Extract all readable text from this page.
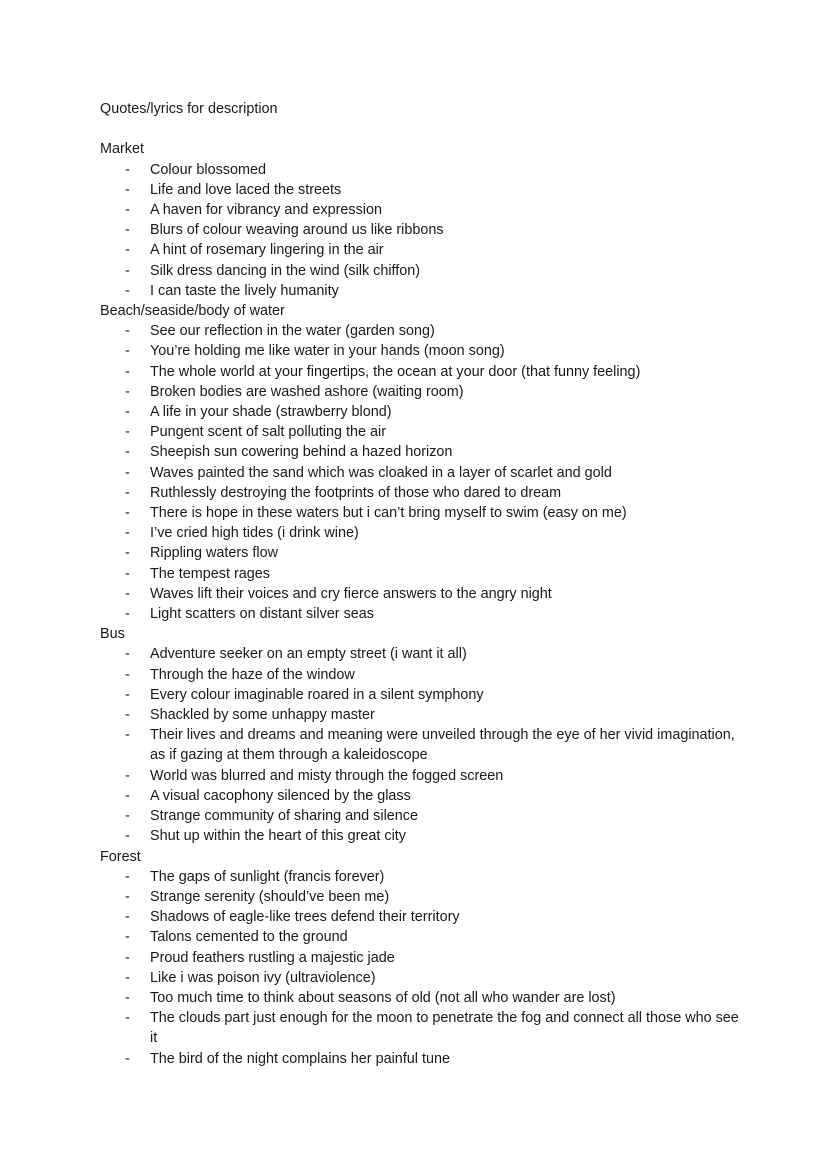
Quotes/lyrics for description
Market
- Colour blossomed
- Life and love laced the streets
- A haven for vibrancy and expression
- Blurs of colour weaving around us like ribbons
- A hint of rosemary lingering in the air
- Silk dress dancing in the wind (silk chiffon)
- I can taste the lively humanity
Beach/seaside/body of water
- See our reflection in the water (garden song)
- You’re holding me like water in your hands (moon song)
- The whole world at your fingertips, the ocean at your door (that funny feeling)
- Broken bodies are washed ashore (waiting room)
- A life in your shade (strawberry blond)
- Pungent scent of salt polluting the air
- Sheepish sun cowering behind a hazed horizon
- Waves painted the sand which was cloaked in a layer of scarlet and gold
- Ruthlessly destroying the footprints of those who dared to dream
- There is hope in these waters but i can’t bring myself to swim (easy on me)
- I’ve cried high tides (i drink wine)
- Rippling waters flow
- The tempest rages
- Waves lift their voices and cry fierce answers to the angry night
- Light scatters on distant silver seas
Bus
- Adventure seeker on an empty street (i want it all)
- Through the haze of the window
- Every colour imaginable roared in a silent symphony
- Shackled by some unhappy master
- Their lives and dreams and meaning were unveiled through the eye of her vivid imagination, as if gazing at them through a kaleidoscope
- World was blurred and misty through the fogged screen
- A visual cacophony silenced by the glass
- Strange community of sharing and silence
- Shut up within the heart of this great city
Forest
- The gaps of sunlight (francis forever)
- Strange serenity (should’ve been me)
- Shadows of eagle-like trees defend their territory
- Talons cemented to the ground
- Proud feathers rustling a majestic jade
- Like i was poison ivy (ultraviolence)
- Too much time to think about seasons of old (not all who wander are lost)
- The clouds part just enough for the moon to penetrate the fog and connect all those who see it
- The bird of the night complains her painful tune
